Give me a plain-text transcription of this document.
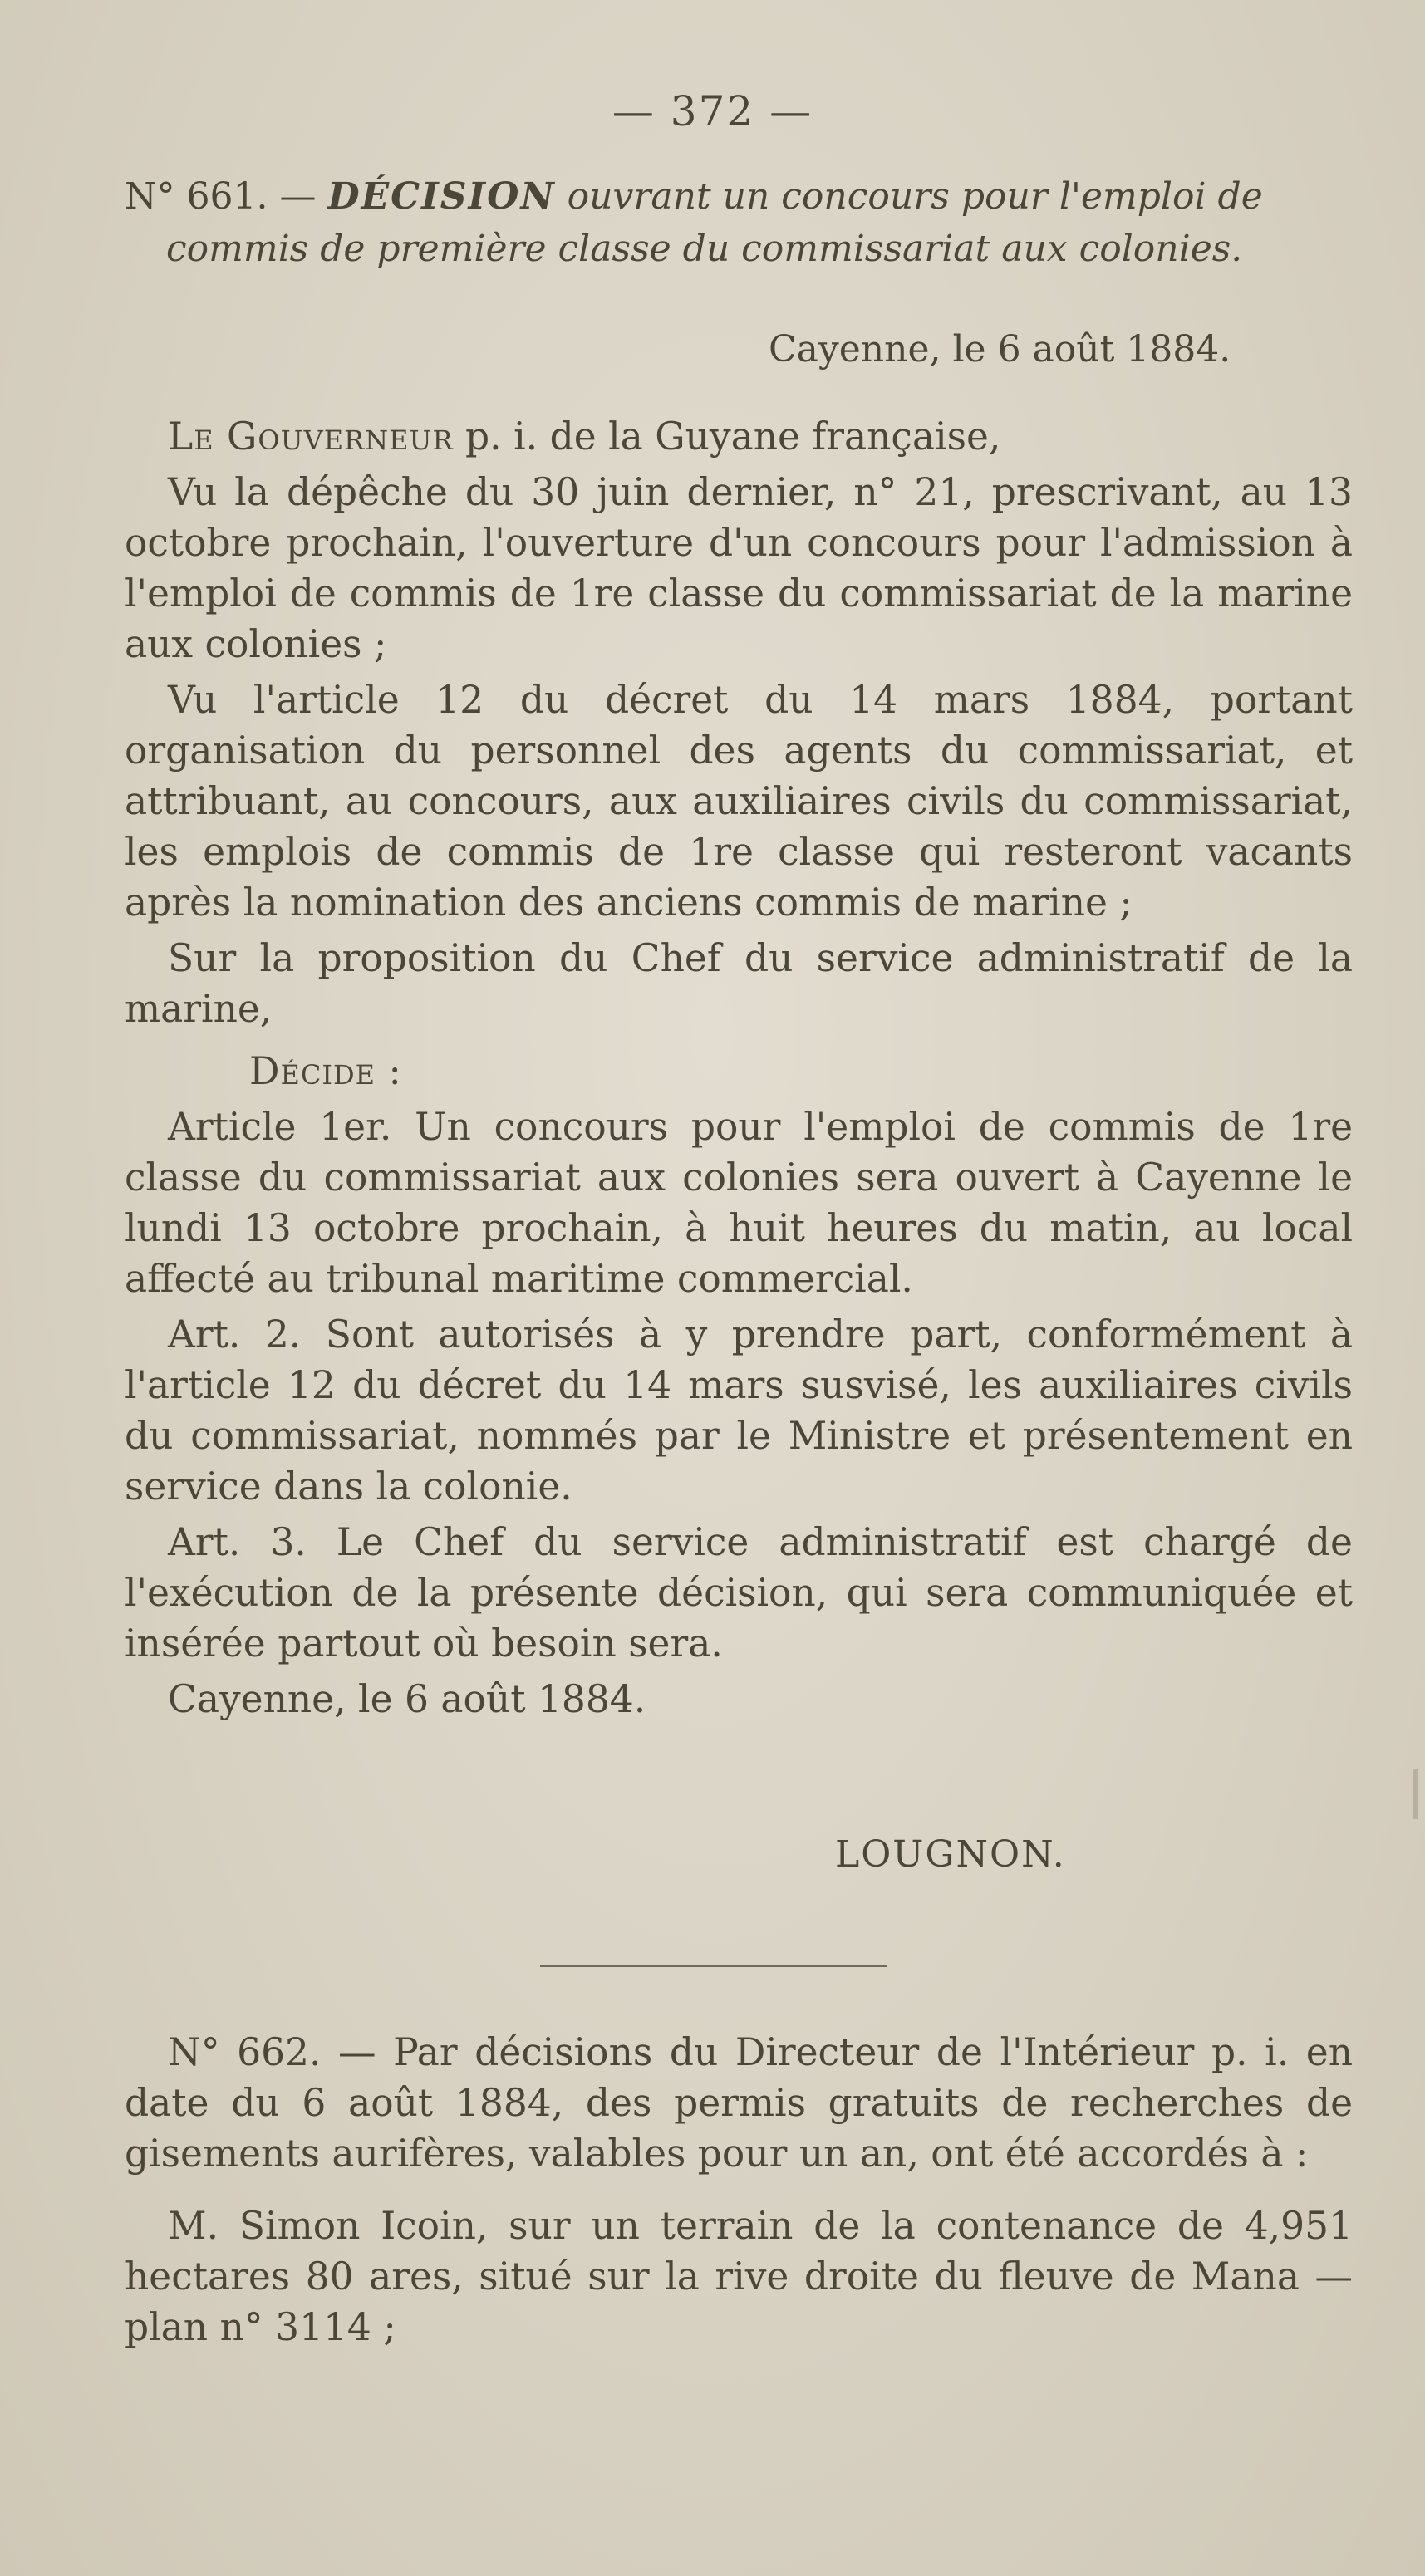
— 372 —
N° 661. — DÉCISION ouvrant un concours pour l'emploi de
commis de première classe du commissariat aux colonies.
Cayenne, le 6 août 1884.

Le Gouverneur p. i. de la Guyane française,

Vu la dépêche du 30 juin dernier, n° 21, prescrivant, au 13 octobre prochain, l'ouverture d'un concours pour l'admission à l'emploi de commis de 1re classe du commissariat de la marine aux colonies ;

Vu l'article 12 du décret du 14 mars 1884, portant organisation du personnel des agents du commissariat, et attribuant, au concours, aux auxiliaires civils du commissariat, les emplois de commis de 1re classe qui resteront vacants après la nomination des anciens commis de marine ;

Sur la proposition du Chef du service administratif de la marine,

Décide :

Article 1er. Un concours pour l'emploi de commis de 1re classe du commissariat aux colonies sera ouvert à Cayenne le lundi 13 octobre prochain, à huit heures du matin, au local affecté au tribunal maritime commercial.

Art. 2. Sont autorisés à y prendre part, conformément à l'article 12 du décret du 14 mars susvisé, les auxiliaires civils du commissariat, nommés par le Ministre et présentement en service dans la colonie.

Art. 3. Le Chef du service administratif est chargé de l'exécution de la présente décision, qui sera communiquée et insérée partout où besoin sera.

Cayenne, le 6 août 1884.

LOUGNON.

N° 662. — Par décisions du Directeur de l'Intérieur p. i. en date du 6 août 1884, des permis gratuits de recherches de gisements aurifères, valables pour un an, ont été accordés à :

M. Simon Icoin, sur un terrain de la contenance de 4,951 hectares 80 ares, situé sur la rive droite du fleuve de Mana — plan n° 3114 ;
